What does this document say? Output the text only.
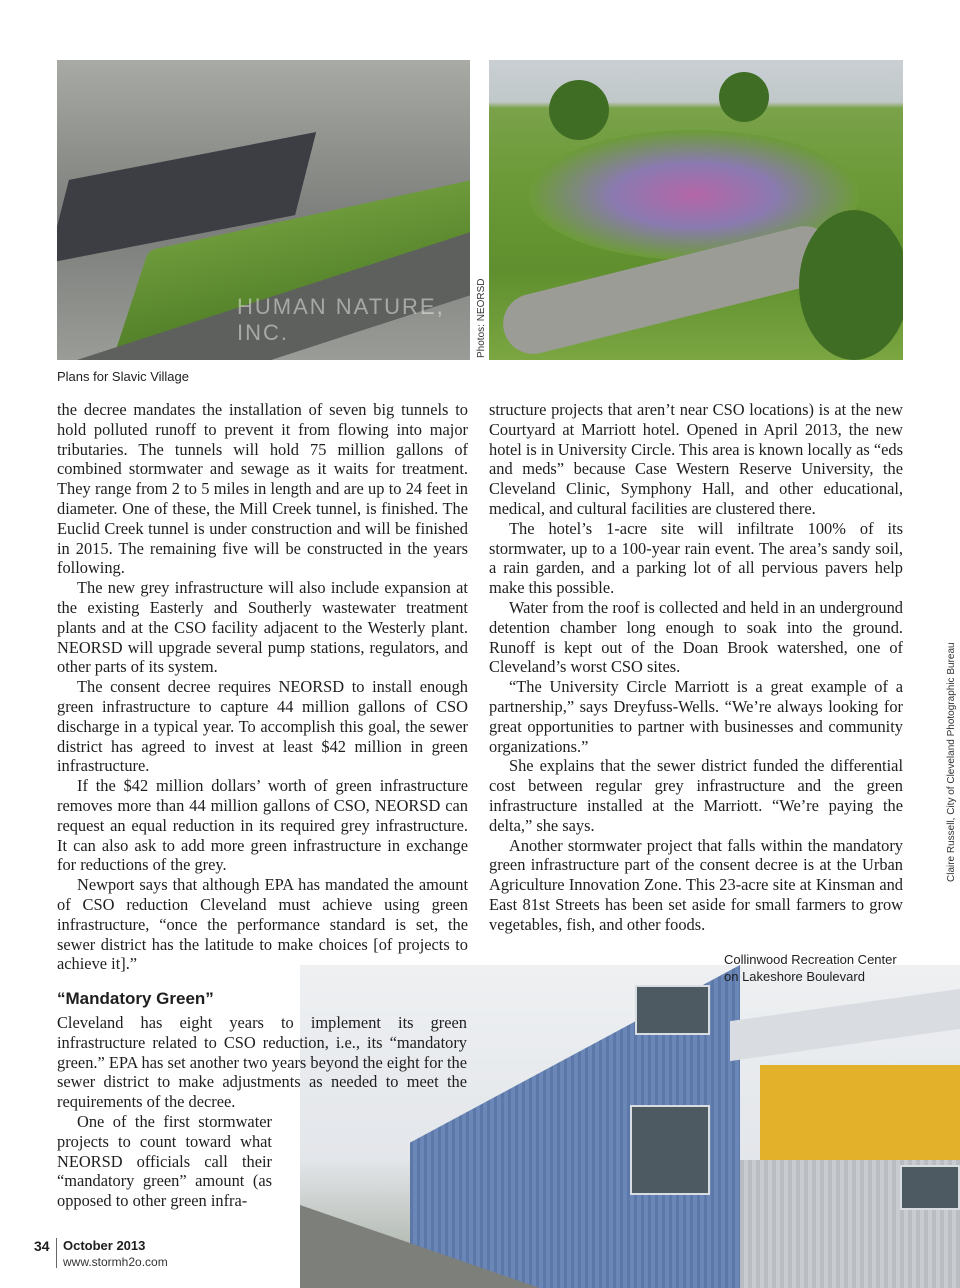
HUMAN NATURE, INC.	Photos: NEORSD
Plans for Slavic Village

the decree mandates the installation of seven big tunnels to hold polluted runoff to prevent it from flowing into major tributaries. The tunnels will hold 75 million gallons of combined stormwater and sewage as it waits for treatment. They range from 2 to 5 miles in length and are up to 24 feet in diameter. One of these, the Mill Creek tunnel, is finished. The Euclid Creek tunnel is under construction and will be finished in 2015. The remaining five will be constructed in the years following.

The new grey infrastructure will also include expansion at the existing Easterly and Southerly wastewater treatment plants and at the CSO facility adjacent to the Westerly plant. NEORSD will upgrade several pump stations, regulators, and other parts of its system.

The consent decree requires NEORSD to install enough green infrastructure to capture 44 million gallons of CSO discharge in a typical year. To accomplish this goal, the sewer district has agreed to invest at least $42 million in green infrastructure.

If the $42 million dollars’ worth of green infrastructure removes more than 44 million gallons of CSO, NEORSD can request an equal reduction in its required grey infrastructure. It can also ask to add more green infrastructure in exchange for reductions of the grey.

Newport says that although EPA has mandated the amount of CSO reduction Cleveland must achieve using green infrastructure, “once the performance standard is set, the sewer district has the latitude to make choices [of projects to achieve it].”

structure projects that aren’t near CSO locations) is at the new Courtyard at Marriott hotel. Opened in April 2013, the new hotel is in University Circle. This area is known locally as “eds and meds” because Case Western Reserve University, the Cleveland Clinic, Symphony Hall, and other educational, medical, and cultural facilities are clustered there.

The hotel’s 1-acre site will infiltrate 100% of its stormwater, up to a 100-year rain event. The area’s sandy soil, a rain garden, and a parking lot of all pervious pavers help make this possible.

Water from the roof is collected and held in an underground detention chamber long enough to soak into the ground. Runoff is kept out of the Doan Brook watershed, one of Cleveland’s worst CSO sites.

“The University Circle Marriott is a great example of a partnership,” says Dreyfuss-Wells. “We’re always looking for great opportunities to partner with businesses and community organizations.”

She explains that the sewer district funded the differential cost between regular grey infrastructure and the green infrastructure installed at the Marriott. “We’re paying the delta,” she says.

Another stormwater project that falls within the mandatory green infrastructure part of the consent decree is at the Urban Agriculture Innovation Zone. This 23-acre site at Kinsman and East 81st Streets has been set aside for small farmers to grow vegetables, fish, and other foods.

Claire Russell, City of Cleveland Photographic Bureau
Collinwood Recreation Center
on Lakeshore Boulevard
“Mandatory Green”

Cleveland has eight years to implement its green infrastructure related to CSO reduction, i.e., its “mandatory green.” EPA has set another two years beyond the eight for the sewer district to make adjustments as needed to meet the requirements of the decree.

One of the first stormwater projects to count toward what NEORSD officials call their “mandatory green” amount (as opposed to other green infra-

34 October 2013
www.stormh2o.com
